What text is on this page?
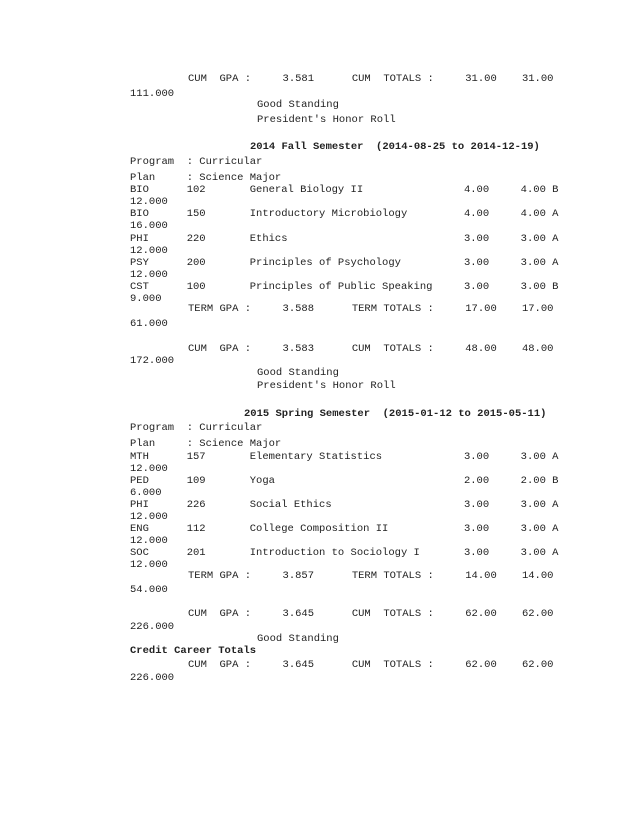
CUM  GPA :     3.581      CUM  TOTALS :     31.00    31.00
111.000
Good Standing
President's Honor Roll
2014 Fall Semester  (2014-08-25 to 2014-12-19)
Program  : Curricular
Plan     : Science Major
BIO      102       General Biology II                4.00     4.00 B
12.000
BIO      150       Introductory Microbiology         4.00     4.00 A
16.000
PHI      220       Ethics                            3.00     3.00 A
12.000
PSY      200       Principles of Psychology          3.00     3.00 A
12.000
CST      100       Principles of Public Speaking     3.00     3.00 B
9.000
TERM GPA :     3.588      TERM TOTALS :     17.00    17.00
61.000
CUM  GPA :     3.583      CUM  TOTALS :     48.00    48.00
172.000
Good Standing
President's Honor Roll
2015 Spring Semester  (2015-01-12 to 2015-05-11)
Program  : Curricular
Plan     : Science Major
MTH      157       Elementary Statistics             3.00     3.00 A
12.000
PED      109       Yoga                              2.00     2.00 B
6.000
PHI      226       Social Ethics                     3.00     3.00 A
12.000
ENG      112       College Composition II            3.00     3.00 A
12.000
SOC      201       Introduction to Sociology I       3.00     3.00 A
12.000
TERM GPA :     3.857      TERM TOTALS :     14.00    14.00
54.000
CUM  GPA :     3.645      CUM  TOTALS :     62.00    62.00
226.000
Good Standing
Credit Career Totals
CUM  GPA :     3.645      CUM  TOTALS :     62.00    62.00
226.000
